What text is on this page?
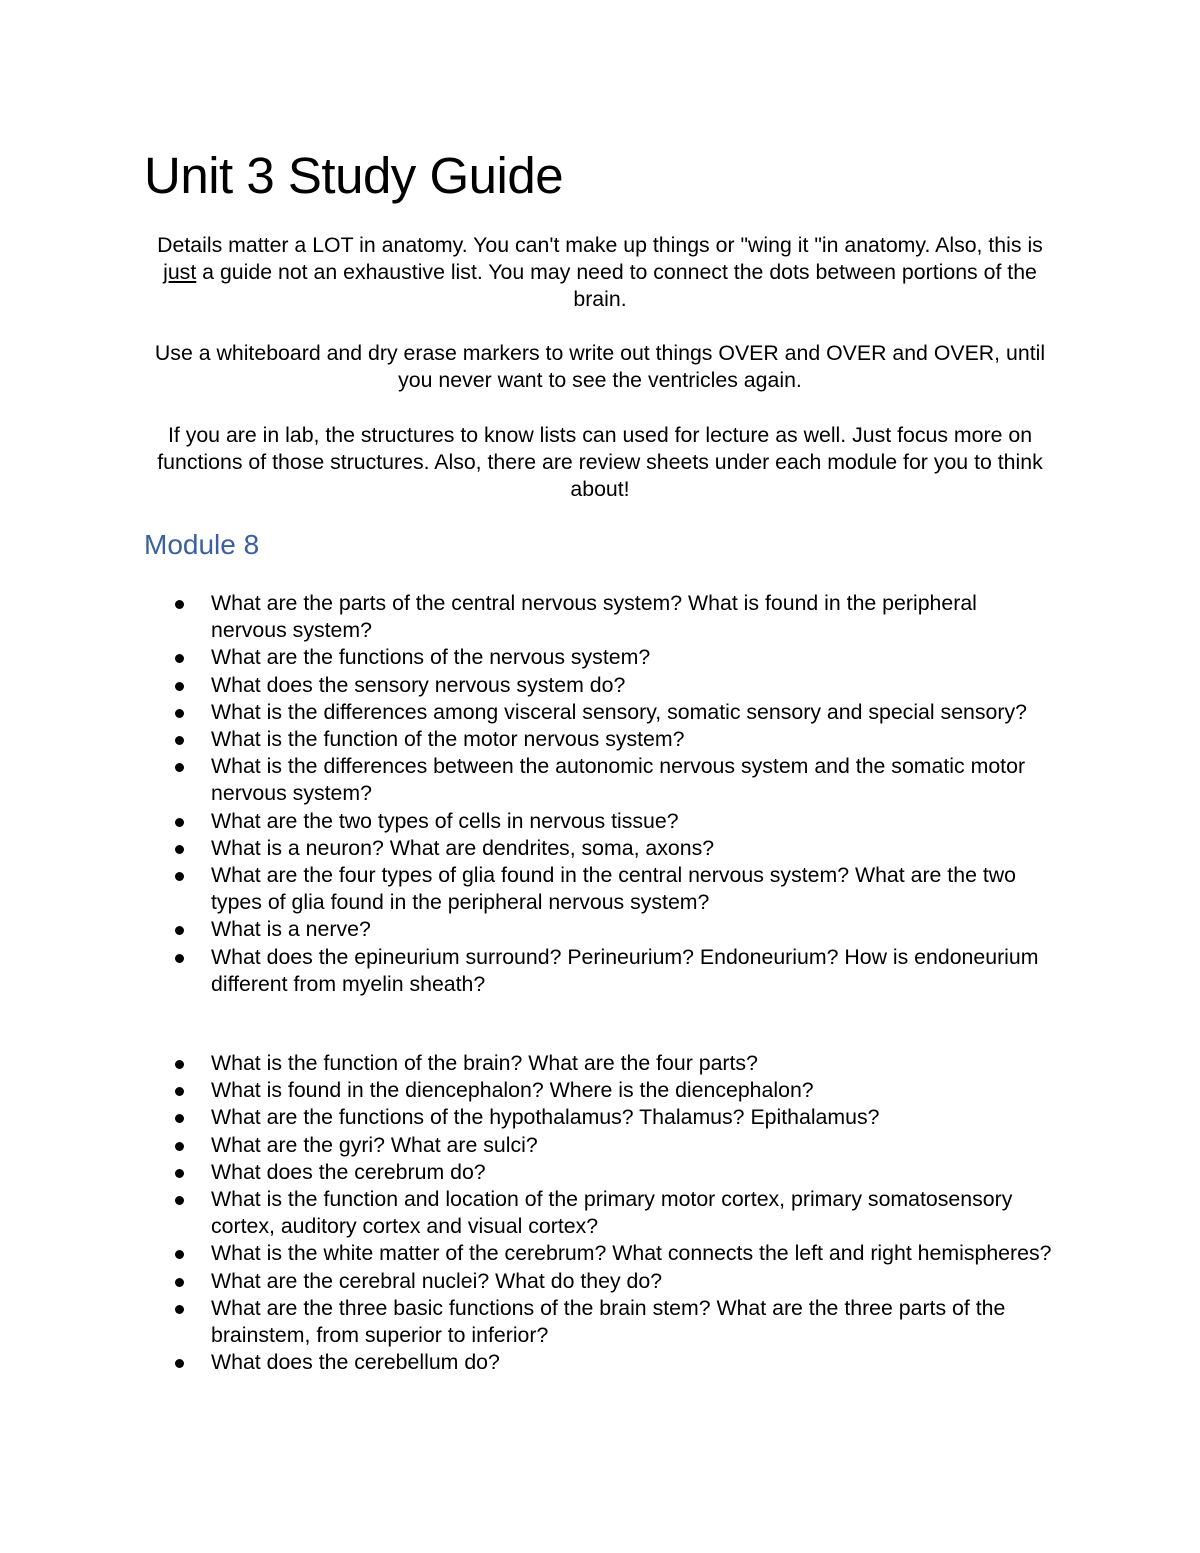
Unit 3 Study Guide

Details matter a LOT in anatomy. You can't make up things or "wing it "in anatomy. Also, this is just a guide not an exhaustive list. You may need to connect the dots between portions of the brain.

Use a whiteboard and dry erase markers to write out things OVER and OVER and OVER, until you never want to see the ventricles again.

If you are in lab, the structures to know lists can used for lecture as well. Just focus more on functions of those structures. Also, there are review sheets under each module for you to think about!

Module 8
What are the parts of the central nervous system? What is found in the peripheral nervous system?
What are the functions of the nervous system?
What does the sensory nervous system do?
What is the differences among visceral sensory, somatic sensory and special sensory?
What is the function of the motor nervous system?
What is the differences between the autonomic nervous system and the somatic motor nervous system?
What are the two types of cells in nervous tissue?
What is a neuron? What are dendrites, soma, axons?
What are the four types of glia found in the central nervous system? What are the two types of glia found in the peripheral nervous system?
What is a nerve?
What does the epineurium surround? Perineurium? Endoneurium? How is endoneurium different from myelin sheath?
What is the function of the brain? What are the four parts?
What is found in the diencephalon? Where is the diencephalon?
What are the functions of the hypothalamus? Thalamus? Epithalamus?
What are the gyri? What are sulci?
What does the cerebrum do?
What is the function and location of the primary motor cortex, primary somatosensory cortex, auditory cortex and visual cortex?
What is the white matter of the cerebrum? What connects the left and right hemispheres?
What are the cerebral nuclei? What do they do?
What are the three basic functions of the brain stem? What are the three parts of the brainstem, from superior to inferior?
What does the cerebellum do?
